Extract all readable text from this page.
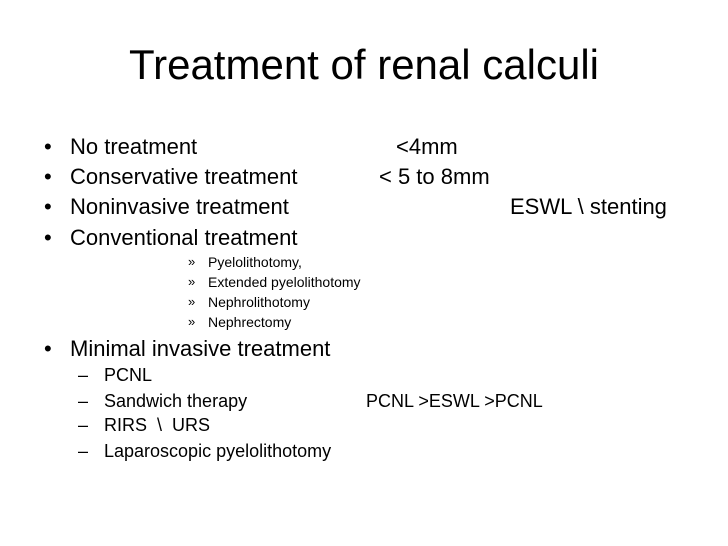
Treatment of renal calculi
• No treatment	<4mm
• Conservative treatment	< 5 to 8mm
• Noninvasive treatment	ESWL \ stenting
• Conventional treatment
» Pyelolithotomy,
» Extended pyelolithotomy
» Nephrolithotomy
» Nephrectomy
• Minimal invasive treatment
– PCNL
– Sandwich therapy	PCNL >ESWL >PCNL
– RIRS  \  URS
– Laparoscopic pyelolithotomy
